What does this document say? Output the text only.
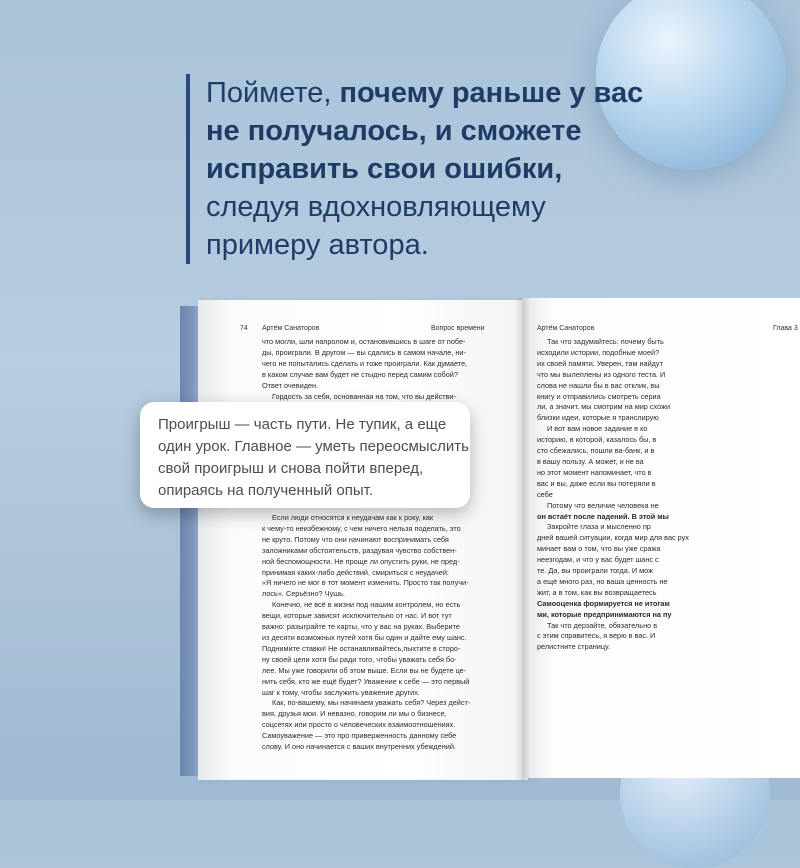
Поймете, почему раньше у вас

не получалось, и сможете

исправить свои ошибки,

следуя вдохновляющему

примеру автора.

74 Артём Санаторов	Вопрос времени
что могли, шли напролом и, остановившись в шаге от побе-
ды, проиграли. В другом — вы сдались в самом начале, ни-
чего не попытались сделать и тоже проиграли. Как думаете,
в каком случае вам будет не стыдно перед самим собой?
Ответ очевиден.
Гордость за себя, основанная на том, что вы действи-
Если люди относятся к неудачам как к року, как
к чему-то неизбежному, с чем ничего нельзя поделать, это
не круто. Потому что они начинают воспринимать себя
заложниками обстоятельств, раздувая чувство собствен-
ной беспомощности. Не проще ли опустить руки, не пред-
принимая каких-либо действий, смириться с неудачей:
«Я ничего не мог в тот момент изменить. Просто так получи-
лось». Серьёзно? Чушь.
Конечно, не всё в жизни под нашим контролем, но есть
вещи, которые зависят исключительно от нас. И вот тут
важно: разыграйте те карты, что у вас на руках. Выберите
из десяти возможных путей хотя бы один и дайте ему шанс.
Поднимите ставки! Не останавливайтесь,пыхтите в сторо-
ну своей цели хотя бы ради того, чтобы уважать себя бо-
лее. Мы уже говорили об этом выше. Если вы не будете це-
нить себя, кто же ещё будет? Уважение к себе — это первый
шаг к тому, чтобы заслужить уважение других.
Как, по-вашему, мы начинаем уважать себя? Через дейст-
вия, друзья мои. И невазно, говорим ли мы о бизнесе,
соцсетях или просто о человеческих взаимоотношениях.
Самоуважение — это про приверженность данному себе
слову. И оно начинается с ваших внутренних убеждений.
Артём Санаторов	Глава 3
Так что задумайтесь: почему быть
исходили истории, подобные моей?
их своей памяти. Уверен, там найдут
что мы вылеплены из одного теста. И
слова не нашли бы в вас отклик, вы
книгу и отправились смотреть сериа
ли, а значит, мы смотрим на мир схожи
близки идеи, которые я транслирую
И вот вам новое задание в ко
историю, в которой, казалось бы, в
сто сбежались, пошли ва-банк, и в
в вашу пользу. А может, и не ва
но этот момент напоминает, что в
вас и вы, даже если вы потеряли в
себе
Потому что величие человека не
он встаёт после падений. В этой мы
Закройте глаза и мысленно пр
дней вашей ситуации, когда мир для вас рух
минает вам о том, что вы уже сража
неезгодам, и что у вас будет шанс с
те. Да, вы проиграли тогда. И мож
а ещё много раз, но ваша ценность не
жит, а в том, как вы возвращаетесь
Самооценка формируется не итогам
ми, которые предпринимаются на пу
Так что дерзайте, обязательно в
с этим справитесь, я верю в вас. И
релистните страницу.
Проигрыш — часть пути. Не тупик, а еще
один урок. Главное — уметь переосмыслить
свой проигрыш и снова пойти вперед,
опираясь на полученный опыт.
